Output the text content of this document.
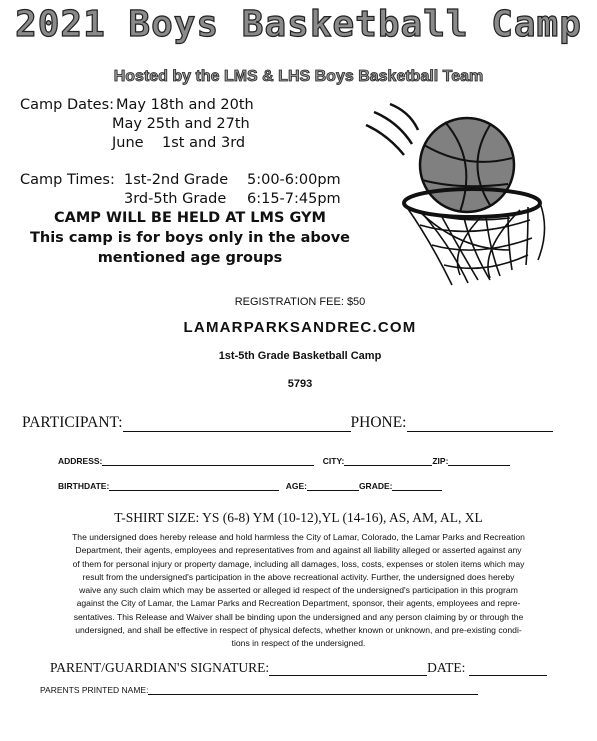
2021 Boys Basketball Camp
Hosted by the LMS & LHS Boys Basketball Team
Camp Dates: May 18th and 20th
May 25th and 27th
June    1st and 3rd
Camp Times: 1st-2nd Grade 5:00-6:00pm
3rd-5th Grade 6:15-7:45pm
CAMP WILL BE HELD AT LMS GYM
This camp is for boys only in the above
mentioned age groups
REGISTRATION FEE: $50
LAMARPARKSANDREC.COM
1st-5th Grade Basketball Camp
5793
PARTICIPANT:	PHONE:
ADDRESS:	CITY:	ZIP:
BIRTHDATE:	AGE:	GRADE:
T-SHIRT SIZE: YS (6-8) YM (10-12),YL (14-16), AS, AM, AL, XL
The undersigned does hereby release and hold harmless the City of Lamar, Colorado, the Lamar Parks and Recreation
Department, their agents, employees and representatives from and against all liability alleged or asserted against any
of them for personal injury or property damage, including all damages, loss, costs, expenses or stolen items which may
result from the undersigned's participation in the above recreational activity. Further, the undersigned does hereby
waive any such claim which may be asserted or alleged id respect of the undersigned's participation in this program
against the City of Lamar, the Lamar Parks and Recreation Department, sponsor, their agents, employees and repre-
sentatives. This Release and Waiver shall be binding upon the undersigned and any person claiming by or through the
undersigned, and shall be effective in respect of physical defects, whether known or unknown, and pre-existing condi-
tions in respect of the undersigned.
PARENT/GUARDIAN'S SIGNATURE:	DATE:
PARENTS PRINTED NAME:
